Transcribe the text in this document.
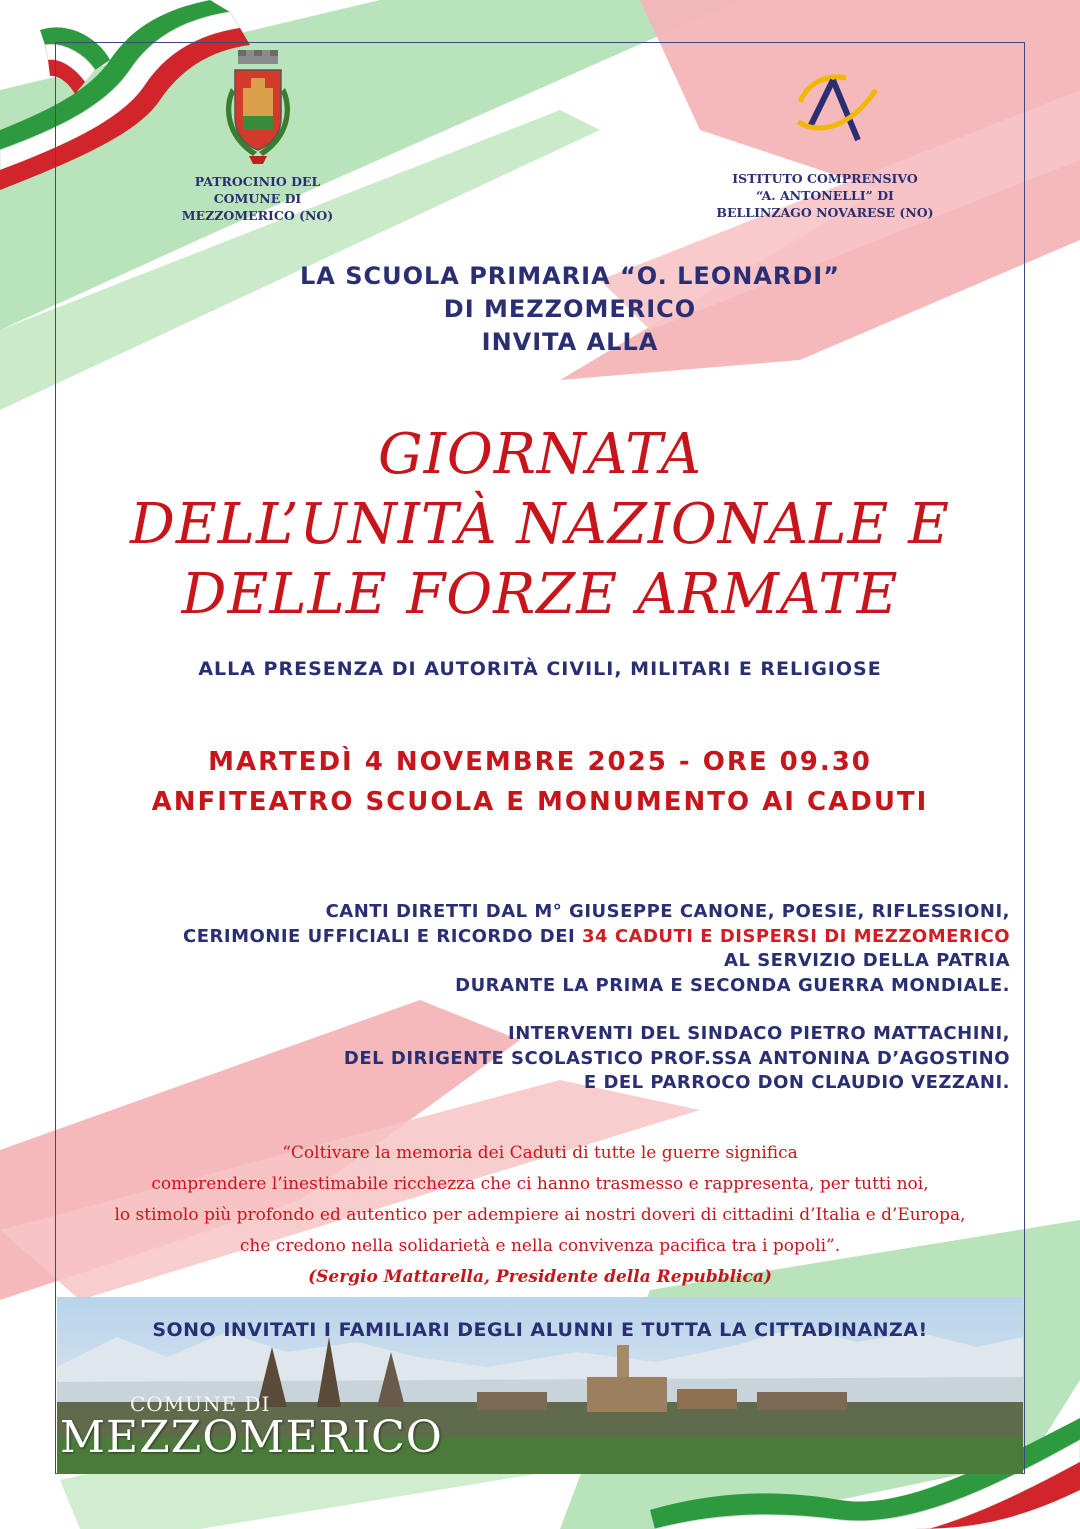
PATROCINIO DEL
COMUNE DI
MEZZOMERICO (NO)
ISTITUTO COMPRENSIVO
“A. ANTONELLI” DI
BELLINZAGO NOVARESE (NO)
LA SCUOLA PRIMARIA “O. LEONARDI”
DI MEZZOMERICO
INVITA ALLA
GIORNATA
DELL’UNITÀ NAZIONALE E
DELLE FORZE ARMATE
ALLA PRESENZA DI AUTORITÀ CIVILI, MILITARI E RELIGIOSE
MARTEDÌ 4 NOVEMBRE 2025 - ORE 09.30
ANFITEATRO SCUOLA E MONUMENTO AI CADUTI
CANTI DIRETTI DAL M° GIUSEPPE CANONE, POESIE, RIFLESSIONI,
CERIMONIE UFFICIALI E RICORDO DEI 34 CADUTI E DISPERSI DI MEZZOMERICO
AL SERVIZIO DELLA PATRIA
DURANTE LA PRIMA E SECONDA GUERRA MONDIALE.
INTERVENTI DEL SINDACO PIETRO MATTACHINI,
DEL DIRIGENTE SCOLASTICO PROF.SSA ANTONINA D’AGOSTINO
E DEL PARROCO DON CLAUDIO VEZZANI.
“Coltivare la memoria dei Caduti di tutte le guerre significa
comprendere l’inestimabile ricchezza che ci hanno trasmesso e rappresenta, per tutti noi,
lo stimolo più profondo ed autentico per adempiere ai nostri doveri di cittadini d’Italia e d’Europa,
che credono nella solidarietà e nella convivenza pacifica tra i popoli”.
(Sergio Mattarella, Presidente della Repubblica)
SONO INVITATI I FAMILIARI DEGLI ALUNNI E TUTTA LA CITTADINANZA!
COMUNE DI
MEZZOMERICO
